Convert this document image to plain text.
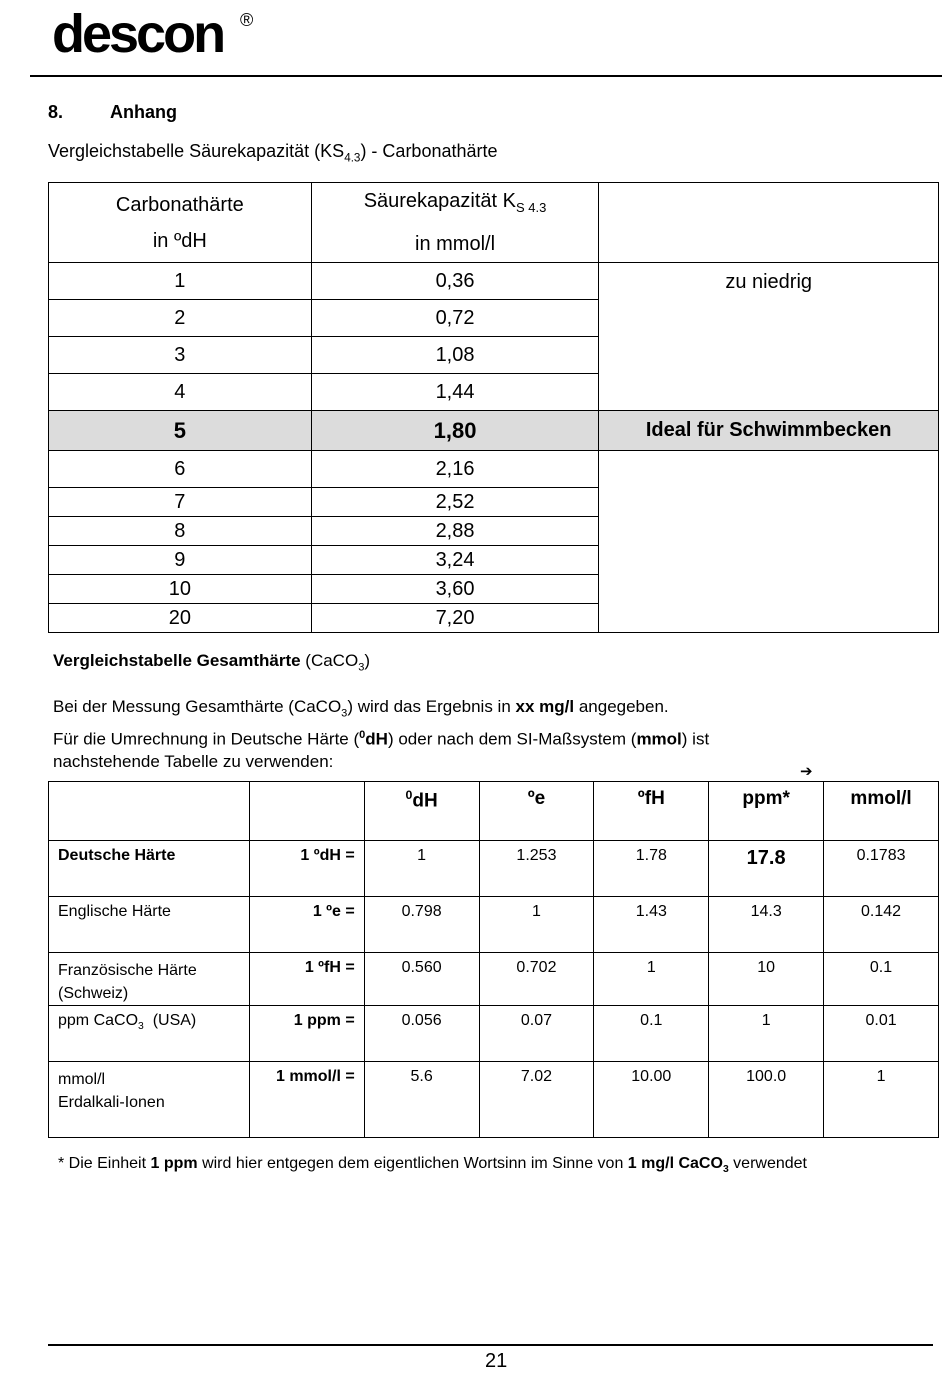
descon ®
8.	Anhang
Vergleichstabelle Säurekapazität $(KS_{4.3})$ - Carbonathärte
Carbonathärte
in ºdH	Säurekapazität $K_{S 4.3}$
in mmol/l	
1	0,36	zu niedrig
2	0,72	
3	1,08	
4	1,44	
5	1,80	Ideal für Schwimmbecken
6	2,16	
7	2,52	
8	2,88	
9	3,24	
10	3,60	
20	7,20	
Vergleichstabelle Gesamthärte (CaCO$_3$)
Bei der Messung Gesamthärte (CaCO$_3$) wird das Ergebnis in xx mg/l angegeben.
Für die Umrechnung in Deutsche Härte ($^0$dH) oder nach dem SI-Maßsystem (mmol) ist
nachstehende Tabelle zu verwenden:
➔
		$^0$dH	ºe	ºfH	ppm*	mmol/l
Deutsche Härte	1 ºdH =	1	1.253	1.78	17.8	0.1783
Englische Härte	1 ºe =	0.798	1	1.43	14.3	0.142
Französische Härte
(Schweiz)	1 ºfH =	0.560	0.702	1	10	0.1
ppm CaCO$_3$  (USA)	1 ppm =	0.056	0.07	0.1	1	0.01
mmol/l
Erdalkali-Ionen	1 mmol/l =	5.6	7.02	10.00	100.0	1
* Die Einheit 1 ppm wird hier entgegen dem eigentlichen Wortsinn im Sinne von 1 mg/l CaCO$_3$ verwendet
21
